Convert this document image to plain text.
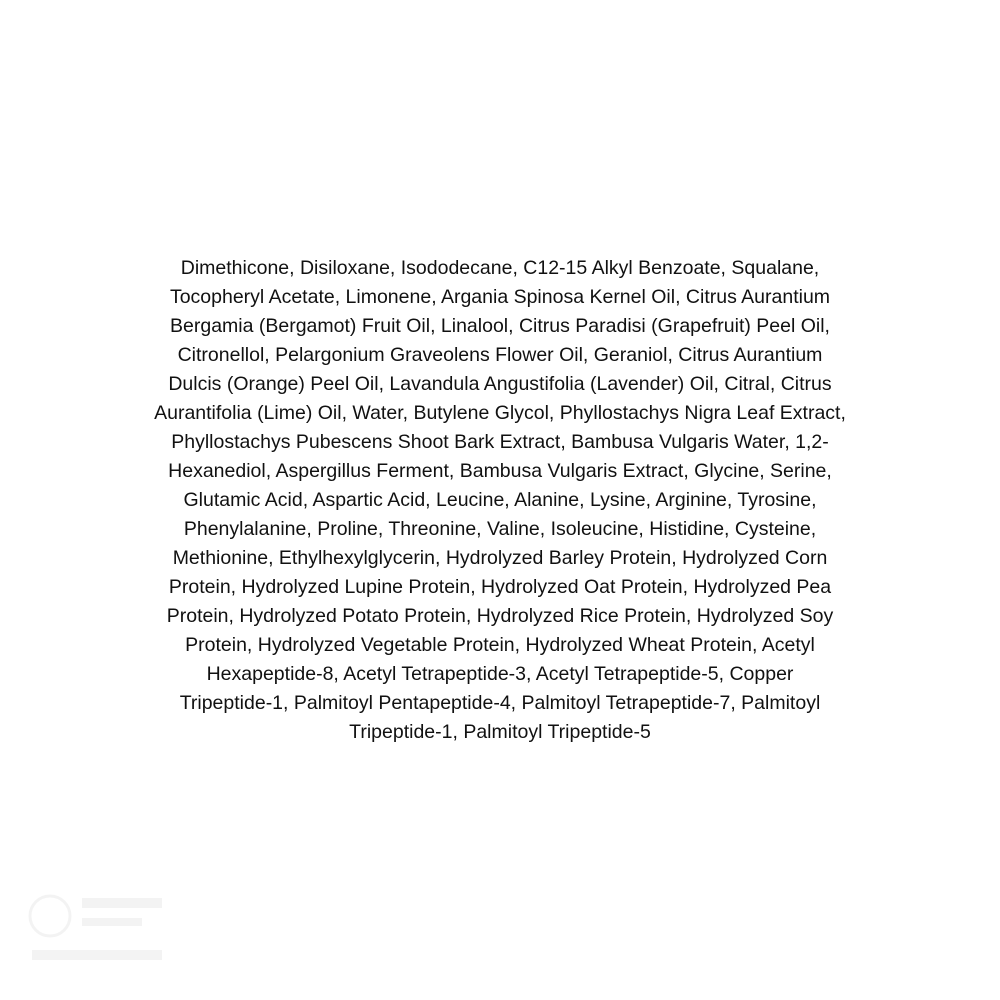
Dimethicone, Disiloxane, Isododecane, C12-15 Alkyl Benzoate, Squalane,
Tocopheryl Acetate, Limonene, Argania Spinosa Kernel Oil, Citrus Aurantium
Bergamia (Bergamot) Fruit Oil, Linalool, Citrus Paradisi (Grapefruit) Peel Oil,
Citronellol, Pelargonium Graveolens Flower Oil, Geraniol, Citrus Aurantium
Dulcis (Orange) Peel Oil, Lavandula Angustifolia (Lavender) Oil, Citral, Citrus
Aurantifolia (Lime) Oil, Water, Butylene Glycol, Phyllostachys Nigra Leaf Extract,
Phyllostachys Pubescens Shoot Bark Extract, Bambusa Vulgaris Water, 1,2-
Hexanediol, Aspergillus Ferment, Bambusa Vulgaris Extract, Glycine, Serine,
Glutamic Acid, Aspartic Acid, Leucine, Alanine, Lysine, Arginine, Tyrosine,
Phenylalanine, Proline, Threonine, Valine, Isoleucine, Histidine, Cysteine,
Methionine, Ethylhexylglycerin, Hydrolyzed Barley Protein, Hydrolyzed Corn
Protein, Hydrolyzed Lupine Protein, Hydrolyzed Oat Protein, Hydrolyzed Pea
Protein, Hydrolyzed Potato Protein, Hydrolyzed Rice Protein, Hydrolyzed Soy
Protein, Hydrolyzed Vegetable Protein, Hydrolyzed Wheat Protein, Acetyl
Hexapeptide-8, Acetyl Tetrapeptide-3, Acetyl Tetrapeptide-5, Copper
Tripeptide-1, Palmitoyl Pentapeptide-4, Palmitoyl Tetrapeptide-7, Palmitoyl
Tripeptide-1, Palmitoyl Tripeptide-5
